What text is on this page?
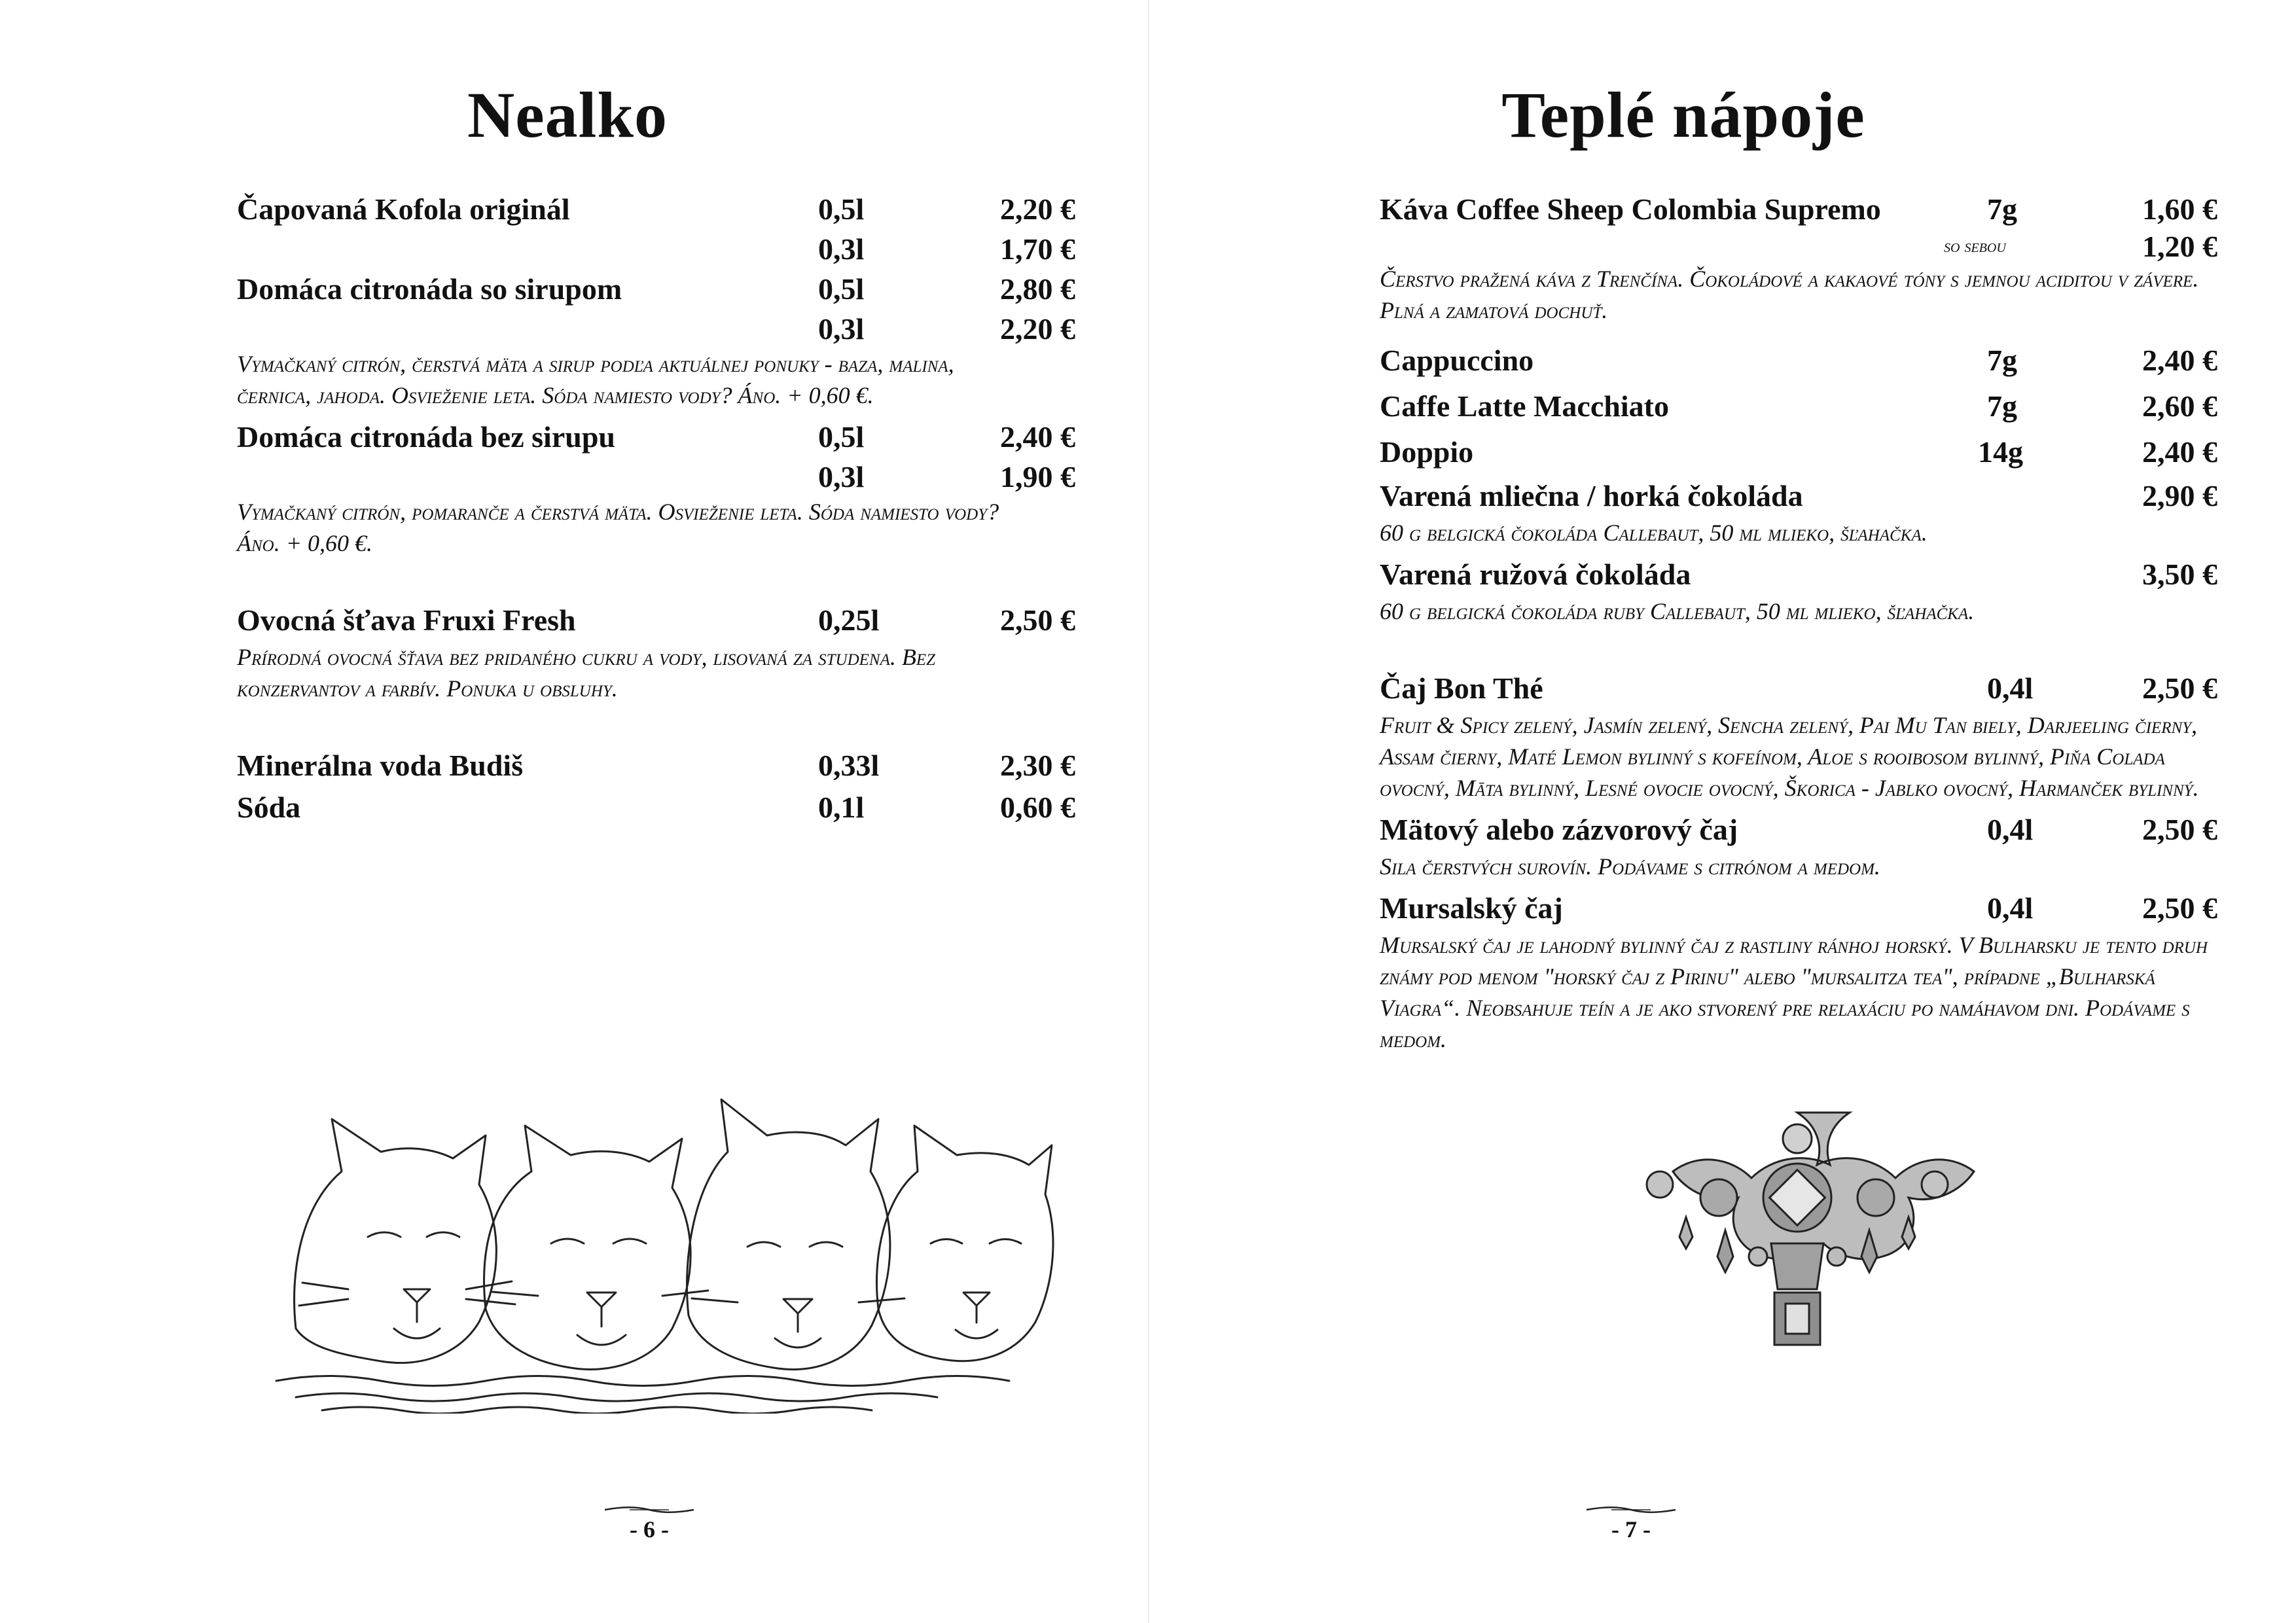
Nealko
Čapovaná Kofola originál	0,5l	2,20 €
0,3l	1,70 €
Domáca citronáda so sirupom	0,5l	2,80 €
0,3l	2,20 €

Vymačkaný citrón, čerstvá mäta a sirup podľa aktuálnej ponuky - baza, malina, černica, jahoda. Osvieženie leta. Sóda namiesto vody? Áno. + 0,60 €.

Domáca citronáda bez sirupu	0,5l	2,40 €
0,3l	1,90 €

Vymačkaný citrón, pomaranče a čerstvá mäta. Osvieženie leta. Sóda namiesto vody? Áno. + 0,60 €.

Ovocná šťava Fruxi Fresh	0,25l	2,50 €

Prírodná ovocná šťava bez pridaného cukru a vody, lisovaná za studena. Bez konzervantov a farbív. Ponuka u obsluhy.

Minerálna voda Budiš	0,33l	2,30 €
Sóda	0,1l	0,60 €
- 6 -
Teplé nápoje
Káva Coffee Sheep Colombia Supremo	7g	1,60 €
so sebou	1,20 €

Čerstvo pražená káva z Trenčína. Čokoládové a kakaové tóny s jemnou aciditou v závere. Plná a zamatová dochuť.

Cappuccino	7g	2,40 €
Caffe Latte Macchiato	7g	2,60 €
Doppio	14g	2,40 €
Varená mliečna / horká čokoláda	2,90 €

60 g belgická čokoláda Callebaut, 50 ml mlieko, šľahačka.

Varená ružová čokoláda	3,50 €

60 g belgická čokoláda ruby Callebaut, 50 ml mlieko, šľahačka.

Čaj Bon Thé	0,4l	2,50 €

Fruit & Spicy zelený, Jasmín zelený, Sencha zelený, Pai Mu Tan biely, Darjeeling čierny, Assam čierny, Maté Lemon bylinný s kofeínom, Aloe s rooibosom bylinný, Piňa Colada ovocný, Māta bylinný, Lesné ovocie ovocný, Škorica - Jablko ovocný, Harmanček bylinný.

Mätový alebo zázvorový čaj	0,4l	2,50 €

Sila čerstvých surovín. Podávame s citrónom a medom.

Mursalský čaj	0,4l	2,50 €

Mursalský čaj je lahodný bylinný čaj z rastliny ránhoj horský. V Bulharsku je tento druh známy pod menom "horský čaj z Pirinu" alebo "mursalitza tea", prípadne „Bulharská Viagra“. Neobsahuje teín a je ako stvorený pre relaxáciu po namáhavom dni. Podávame s medom.

- 7 -
